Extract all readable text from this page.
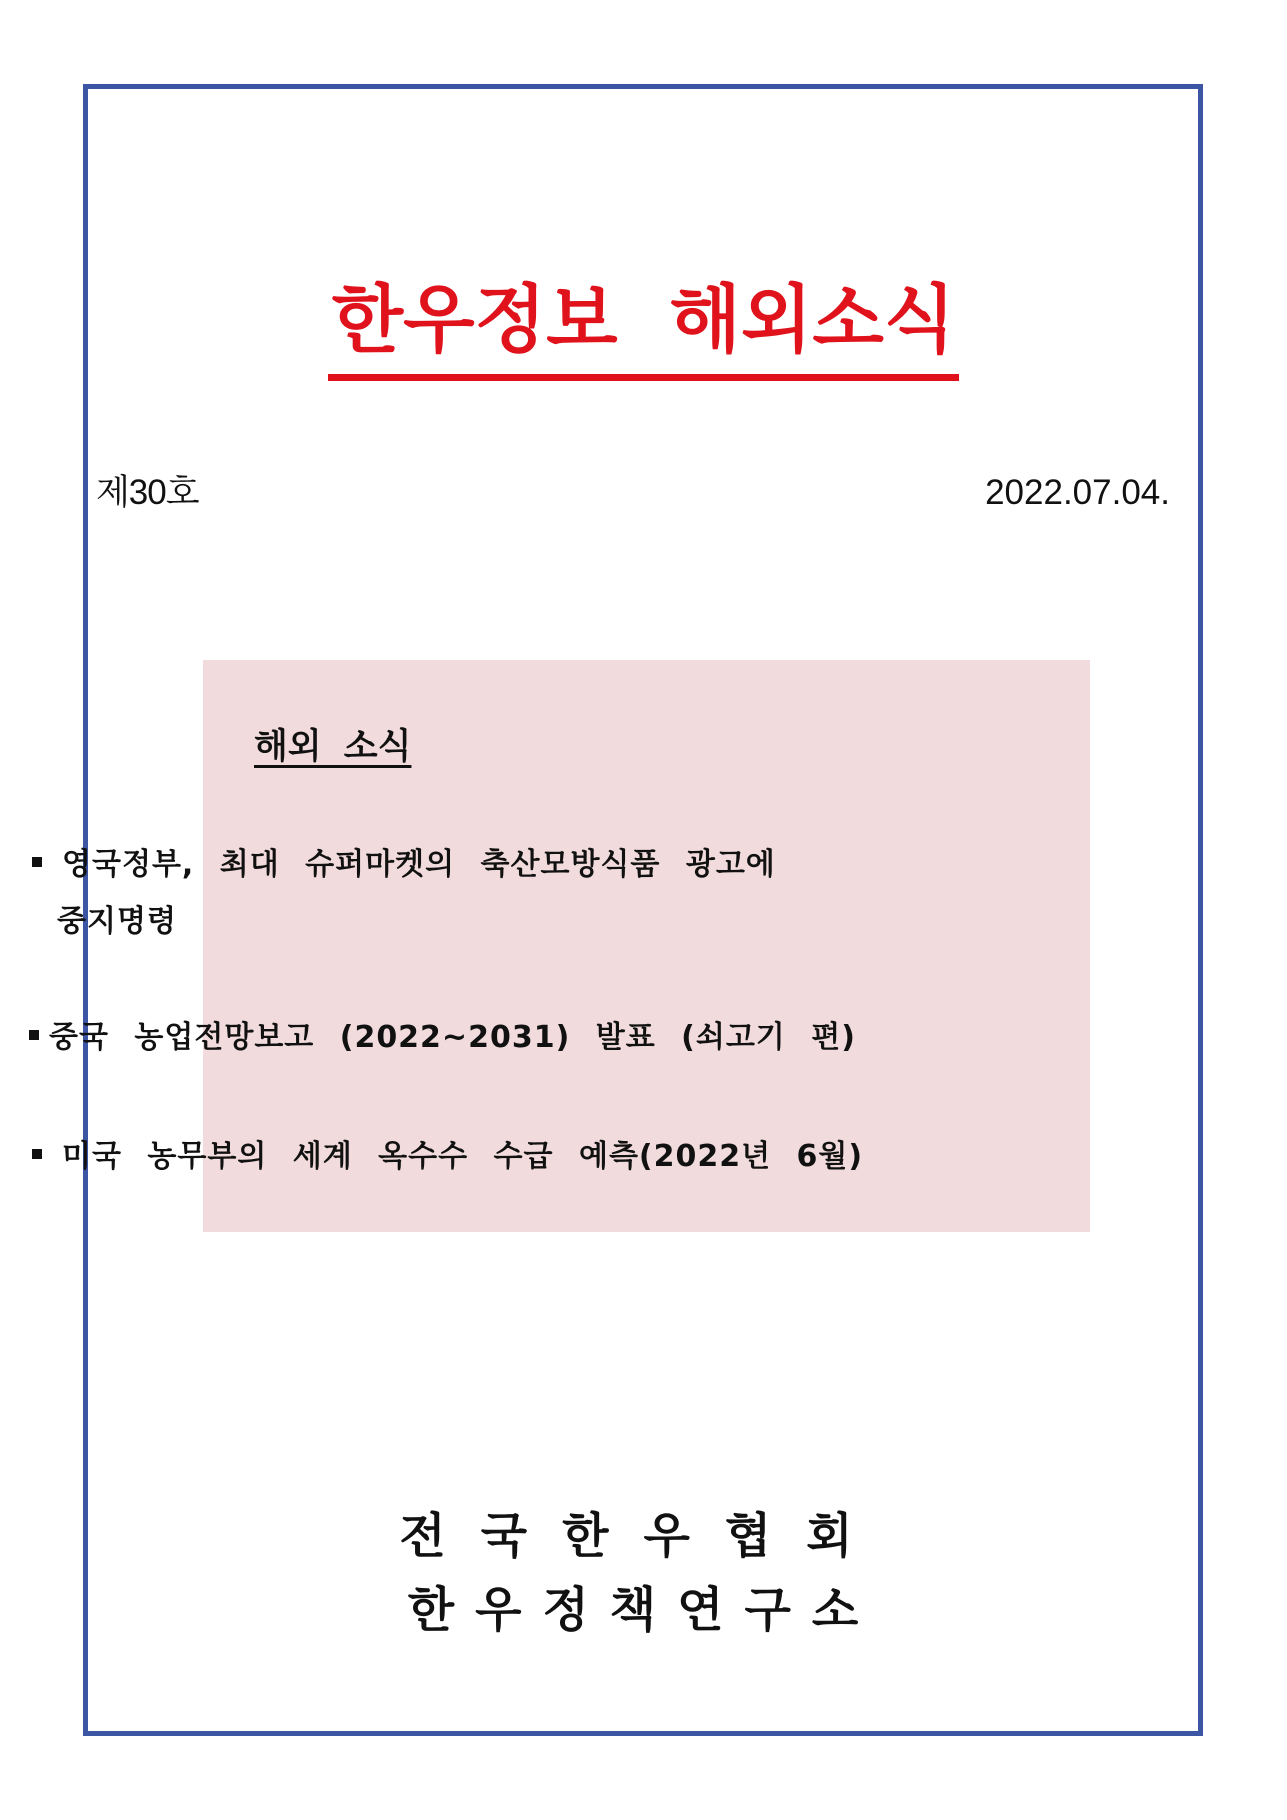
한우정보 해외소식
제30호	2022.07.04.
해외 소식
영국정부, 최대 슈퍼마켓의 축산모방식품 광고에
중지명령
중국 농업전망보고 (2022~2031) 발표 (쇠고기 편)
미국 농무부의 세계 옥수수 수급 예측(2022년 6월)
전국한우협회
한우정책연구소
